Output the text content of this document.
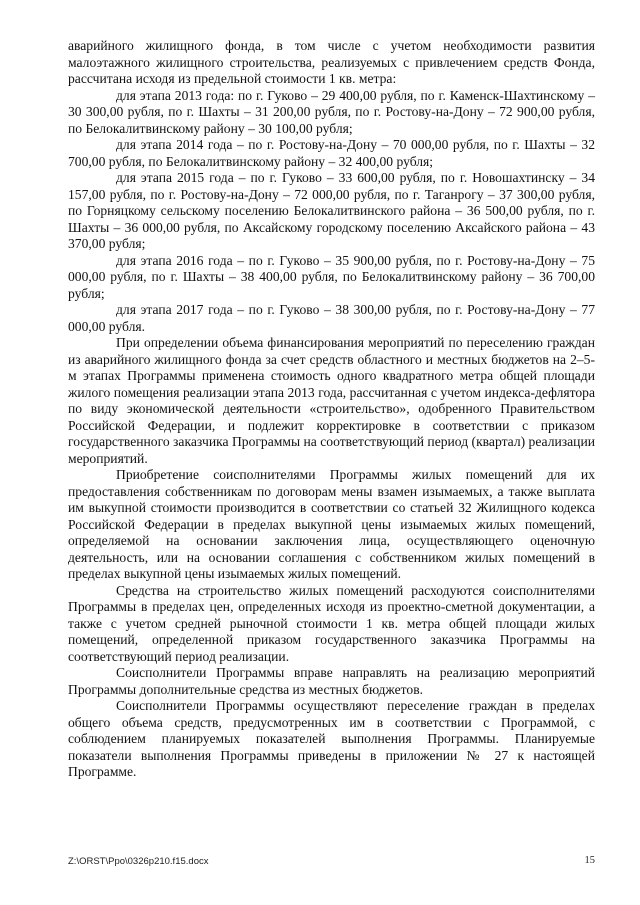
аварийного жилищного фонда, в том числе с учетом необходимости развития малоэтажного жилищного строительства, реализуемых с привлечением средств Фонда, рассчитана исходя из предельной стоимости 1 кв. метра:

для этапа 2013 года: по г. Гуково – 29 400,00 рубля, по г. Каменск-Шахтинскому – 30 300,00 рубля, по г. Шахты – 31 200,00 рубля, по г. Ростову-на-Дону – 72 900,00 рубля, по Белокалитвинскому району – 30 100,00 рубля;

для этапа 2014 года – по г. Ростову-на-Дону – 70 000,00 рубля, по г. Шахты – 32 700,00 рубля, по Белокалитвинскому району – 32 400,00 рубля;

для этапа 2015 года – по г. Гуково – 33 600,00 рубля, по г. Новошахтинску – 34 157,00 рубля, по г. Ростову-на-Дону – 72 000,00 рубля, по г. Таганрогу – 37 300,00 рубля, по Горняцкому сельскому поселению Белокалитвинского района – 36 500,00 рубля, по г. Шахты – 36 000,00 рубля, по Аксайскому городскому поселению Аксайского района – 43 370,00 рубля;

для этапа 2016 года – по г. Гуково – 35 900,00 рубля, по г. Ростову-на-Дону – 75 000,00 рубля, по г. Шахты – 38 400,00 рубля, по Белокалитвинскому району – 36 700,00 рубля;

для этапа 2017 года – по г. Гуково – 38 300,00 рубля, по г. Ростову-на-Дону – 77 000,00 рубля.

При определении объема финансирования мероприятий по переселению граждан из аварийного жилищного фонда за счет средств областного и местных бюджетов на 2–5-м этапах Программы применена стоимость одного квадратного метра общей площади жилого помещения реализации этапа 2013 года, рассчитанная с учетом индекса-дефлятора по виду экономической деятельности «строительство», одобренного Правительством Российской Федерации, и подлежит корректировке в соответствии с приказом государственного заказчика Программы на соответствующий период (квартал) реализации мероприятий.

Приобретение соисполнителями Программы жилых помещений для их предоставления собственникам по договорам мены взамен изымаемых, а также выплата им выкупной стоимости производится в соответствии со статьей 32 Жилищного кодекса Российской Федерации в пределах выкупной цены изымаемых жилых помещений, определяемой на основании заключения лица, осуществляющего оценочную деятельность, или на основании соглашения с собственником жилых помещений в пределах выкупной цены изымаемых жилых помещений.

Средства на строительство жилых помещений расходуются соисполнителями Программы в пределах цен, определенных исходя из проектно-сметной документации, а также с учетом средней рыночной стоимости 1 кв. метра общей площади жилых помещений, определенной приказом государственного заказчика Программы на соответствующий период реализации.

Соисполнители Программы вправе направлять на реализацию мероприятий Программы дополнительные средства из местных бюджетов.

Соисполнители Программы осуществляют переселение граждан в пределах общего объема средств, предусмотренных им в соответствии с Программой, с соблюдением планируемых показателей выполнения Программы. Планируемые показатели выполнения Программы приведены в приложении № 27 к настоящей Программе.

Z:\ORST\Ppo\0326p210.f15.docx	15
